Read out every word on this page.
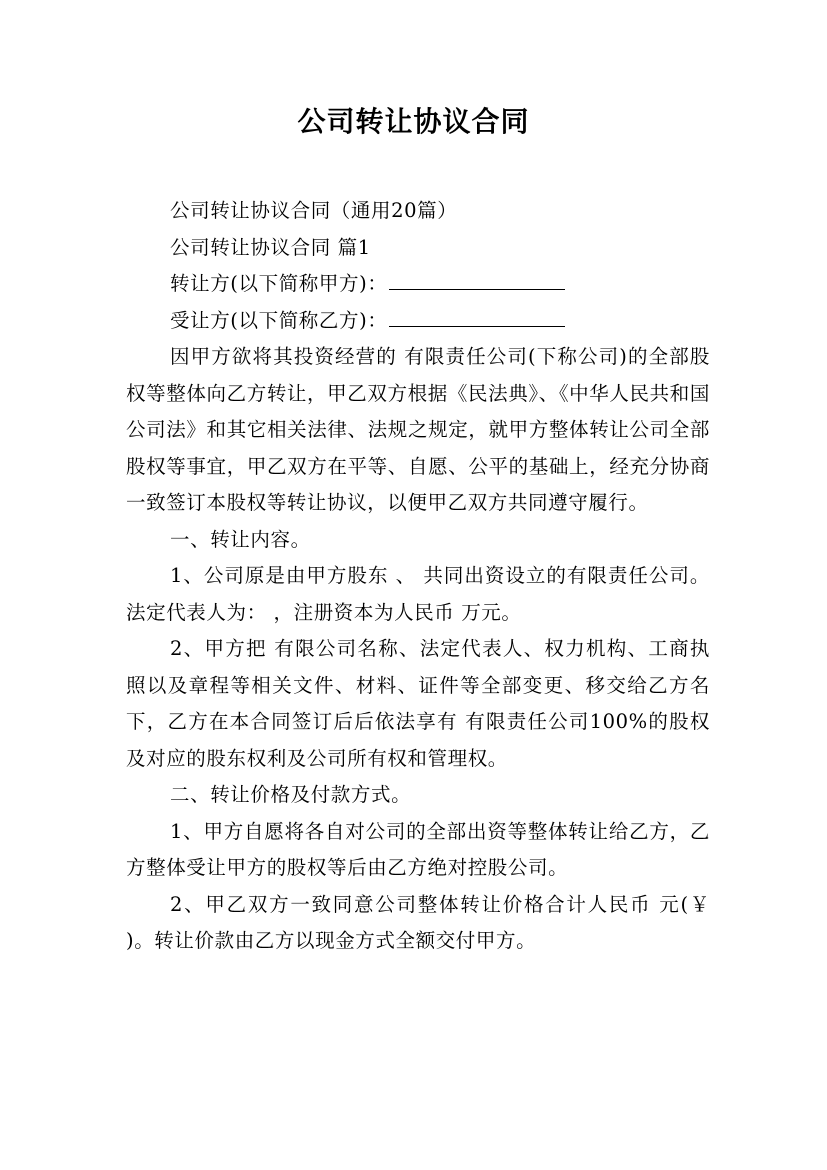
公司转让协议合同

公司转让协议合同（通用20篇）

公司转让协议合同 篇1

转让方(以下简称甲方)：

受让方(以下简称乙方)：

因甲方欲将其投资经营的 有限责任公司(下称公司)的全部股权等整体向乙方转让，甲乙双方根据《民法典》、《中华人民共和国公司法》和其它相关法律、法规之规定，就甲方整体转让公司全部股权等事宜，甲乙双方在平等、自愿、公平的基础上，经充分协商一致签订本股权等转让协议，以便甲乙双方共同遵守履行。

一、转让内容。

1、公司原是由甲方股东 、 共同出资设立的有限责任公司。法定代表人为： ，注册资本为人民币 万元。

2、甲方把 有限公司名称、法定代表人、权力机构、工商执照以及章程等相关文件、材料、证件等全部变更、移交给乙方名下，乙方在本合同签订后后依法享有 有限责任公司100%的股权及对应的股东权利及公司所有权和管理权。

二、转让价格及付款方式。

1、甲方自愿将各自对公司的全部出资等整体转让给乙方，乙方整体受让甲方的股权等后由乙方绝对控股公司。

2、甲乙双方一致同意公司整体转让价格合计人民币 元(￥ )。转让价款由乙方以现金方式全额交付甲方。
